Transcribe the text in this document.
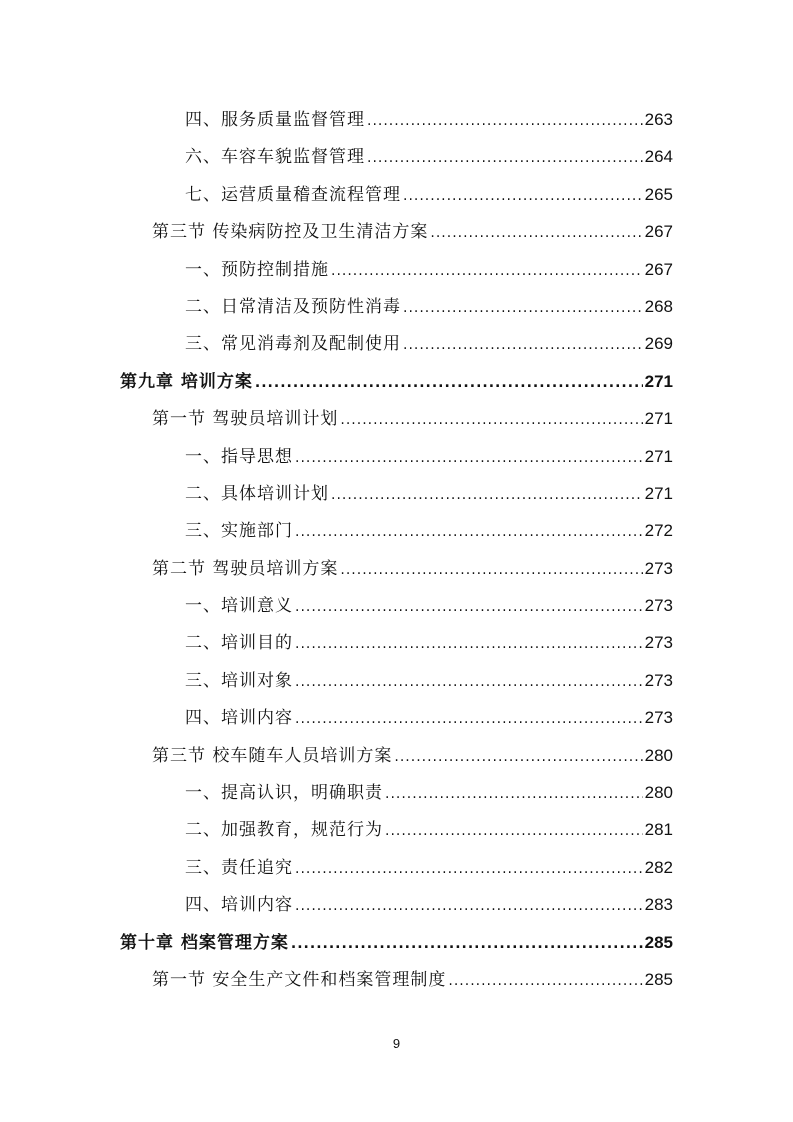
四、服务质量监督管理 .....	263
六、车容车貌监督管理 .....	264
七、运营质量稽查流程管理 .....	265
第三节 传染病防控及卫生清洁方案 .....	267
一、预防控制措施 .....	267
二、日常清洁及预防性消毒 .....	268
三、常见消毒剂及配制使用 .....	269
第九章 培训方案 .....	271
第一节 驾驶员培训计划 .....	271
一、指导思想 .....	271
二、具体培训计划 .....	271
三、实施部门 .....	272
第二节 驾驶员培训方案 .....	273
一、培训意义 .....	273
二、培训目的 .....	273
三、培训对象 .....	273
四、培训内容 .....	273
第三节 校车随车人员培训方案 .....	280
一、提高认识，明确职责 .....	280
二、加强教育，规范行为 .....	281
三、责任追究 .....	282
四、培训内容 .....	283
第十章 档案管理方案 .....	285
第一节 安全生产文件和档案管理制度 .....	285
9
